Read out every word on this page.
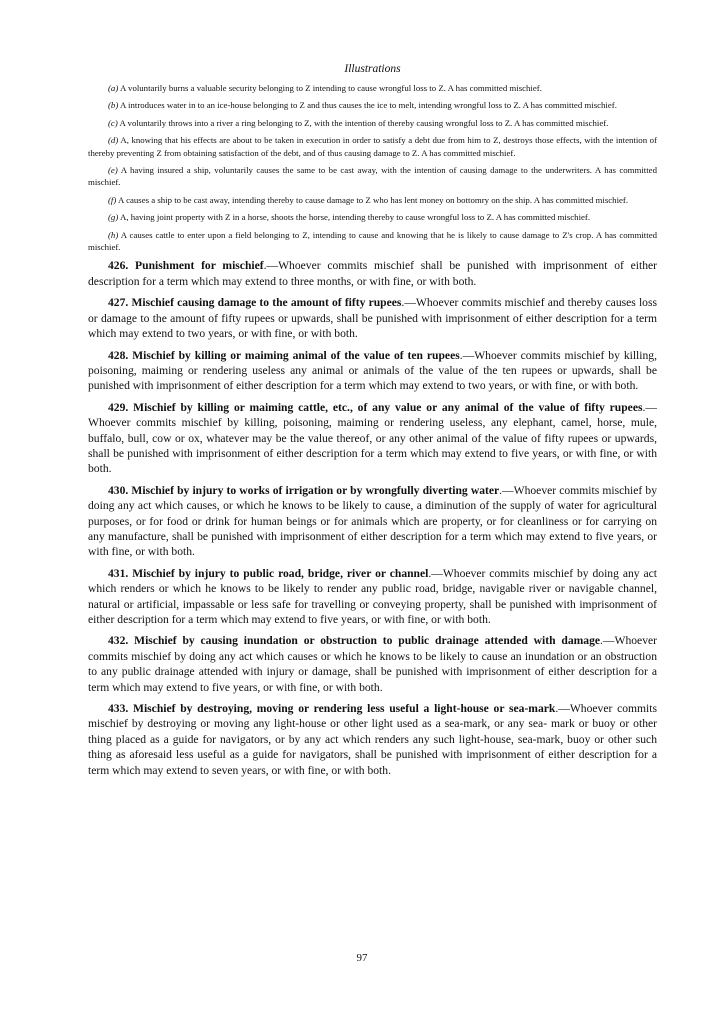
Illustrations

(a) A voluntarily burns a valuable security belonging to Z intending to cause wrongful loss to Z. A has committed mischief.

(b) A introduces water in to an ice-house belonging to Z and thus causes the ice to melt, intending wrongful loss to Z. A has committed mischief.

(c) A voluntarily throws into a river a ring belonging to Z, with the intention of thereby causing wrongful loss to Z. A has committed mischief.

(d) A, knowing that his effects are about to be taken in execution in order to satisfy a debt due from him to Z, destroys those effects, with the intention of thereby preventing Z from obtaining satisfaction of the debt, and of thus causing damage to Z. A has committed mischief.

(e) A having insured a ship, voluntarily causes the same to be cast away, with the intention of causing damage to the underwriters. A has committed mischief.

(f) A causes a ship to be cast away, intending thereby to cause damage to Z who has lent money on bottomry on the ship. A has committed mischief.

(g) A, having joint property with Z in a horse, shoots the horse, intending thereby to cause wrongful loss to Z. A has committed mischief.

(h) A causes cattle to enter upon a field belonging to Z, intending to cause and knowing that he is likely to cause damage to Z's crop. A has committed mischief.

426. Punishment for mischief.—Whoever commits mischief shall be punished with imprisonment of either description for a term which may extend to three months, or with fine, or with both.

427. Mischief causing damage to the amount of fifty rupees.—Whoever commits mischief and thereby causes loss or damage to the amount of fifty rupees or upwards, shall be punished with imprisonment of either description for a term which may extend to two years, or with fine, or with both.

428. Mischief by killing or maiming animal of the value of ten rupees.—Whoever commits mischief by killing, poisoning, maiming or rendering useless any animal or animals of the value of the ten rupees or upwards, shall be punished with imprisonment of either description for a term which may extend to two years, or with fine, or with both.

429. Mischief by killing or maiming cattle, etc., of any value or any animal of the value of fifty rupees.—Whoever commits mischief by killing, poisoning, maiming or rendering useless, any elephant, camel, horse, mule, buffalo, bull, cow or ox, whatever may be the value thereof, or any other animal of the value of fifty rupees or upwards, shall be punished with imprisonment of either description for a term which may extend to five years, or with fine, or with both.

430. Mischief by injury to works of irrigation or by wrongfully diverting water.—Whoever commits mischief by doing any act which causes, or which he knows to be likely to cause, a diminution of the supply of water for agricultural purposes, or for food or drink for human beings or for animals which are property, or for cleanliness or for carrying on any manufacture, shall be punished with imprisonment of either description for a term which may extend to five years, or with fine, or with both.

431. Mischief by injury to public road, bridge, river or channel.—Whoever commits mischief by doing any act which renders or which he knows to be likely to render any public road, bridge, navigable river or navigable channel, natural or artificial, impassable or less safe for travelling or conveying property, shall be punished with imprisonment of either description for a term which may extend to five years, or with fine, or with both.

432. Mischief by causing inundation or obstruction to public drainage attended with damage.—Whoever commits mischief by doing any act which causes or which he knows to be likely to cause an inundation or an obstruction to any public drainage attended with injury or damage, shall be punished with imprisonment of either description for a term which may extend to five years, or with fine, or with both.

433. Mischief by destroying, moving or rendering less useful a light-house or sea-mark.—Whoever commits mischief by destroying or moving any light-house or other light used as a sea-mark, or any sea- mark or buoy or other thing placed as a guide for navigators, or by any act which renders any such light-house, sea-mark, buoy or other such thing as aforesaid less useful as a guide for navigators, shall be punished with imprisonment of either description for a term which may extend to seven years, or with fine, or with both.

97
